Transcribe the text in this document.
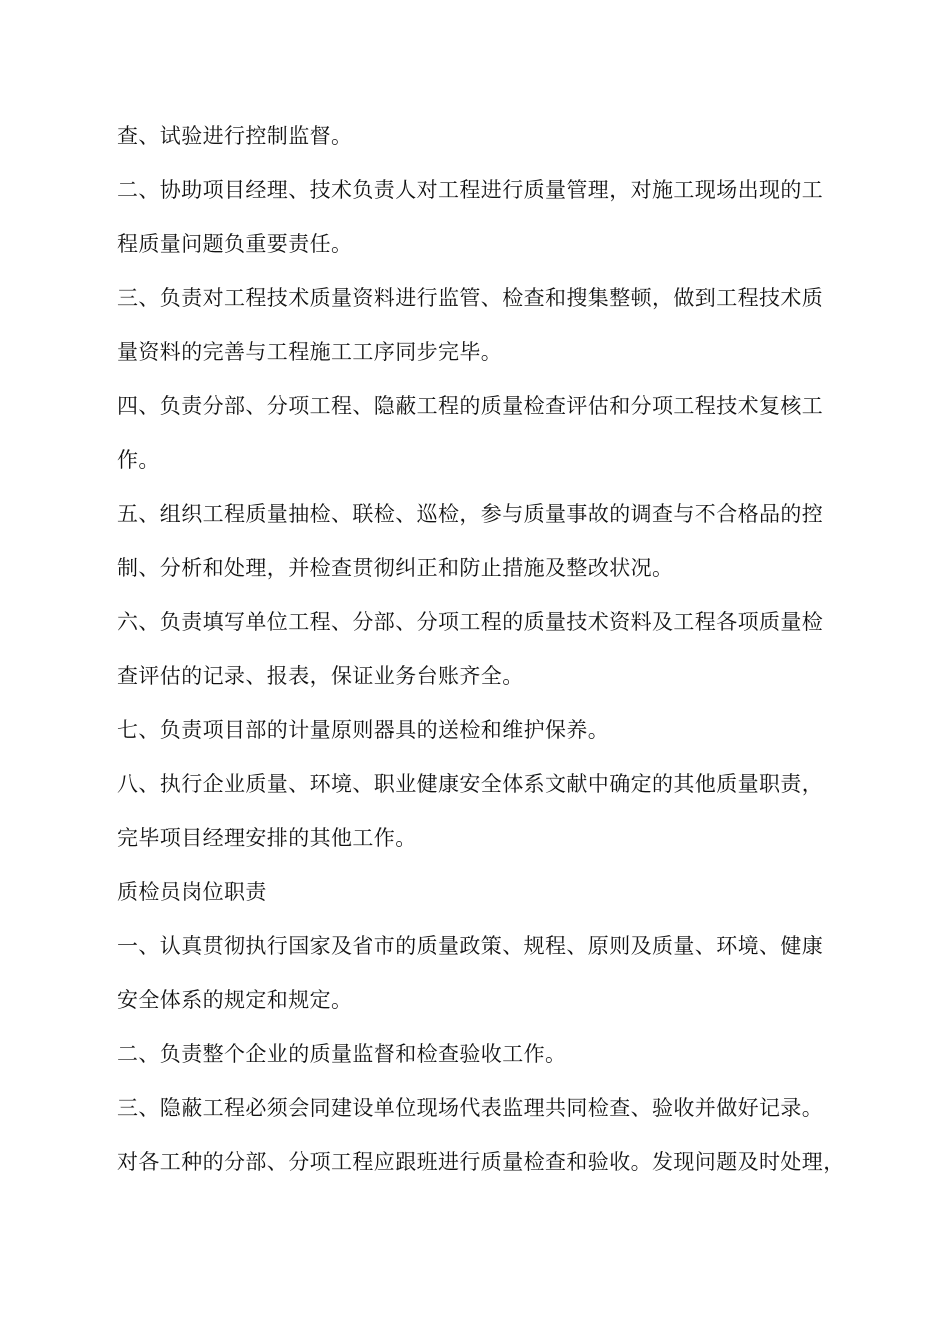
查、试验进行控制监督。
二、协助项目经理、技术负责人对工程进行质量管理，对施工现场出现的工
程质量问题负重要责任。
三、负责对工程技术质量资料进行监管、检查和搜集整顿，做到工程技术质
量资料的完善与工程施工工序同步完毕。
四、负责分部、分项工程、隐蔽工程的质量检查评估和分项工程技术复核工
作。
五、组织工程质量抽检、联检、巡检，参与质量事故的调查与不合格品的控
制、分析和处理，并检查贯彻纠正和防止措施及整改状况。
六、负责填写单位工程、分部、分项工程的质量技术资料及工程各项质量检
查评估的记录、报表，保证业务台账齐全。
七、负责项目部的计量原则器具的送检和维护保养。
八、执行企业质量、环境、职业健康安全体系文献中确定的其他质量职责，
完毕项目经理安排的其他工作。
质检员岗位职责
一、认真贯彻执行国家及省市的质量政策、规程、原则及质量、环境、健康
安全体系的规定和规定。
二、负责整个企业的质量监督和检查验收工作。
三、隐蔽工程必须会同建设单位现场代表监理共同检查、验收并做好记录。
对各工种的分部、分项工程应跟班进行质量检查和验收。发现问题及时处理，
